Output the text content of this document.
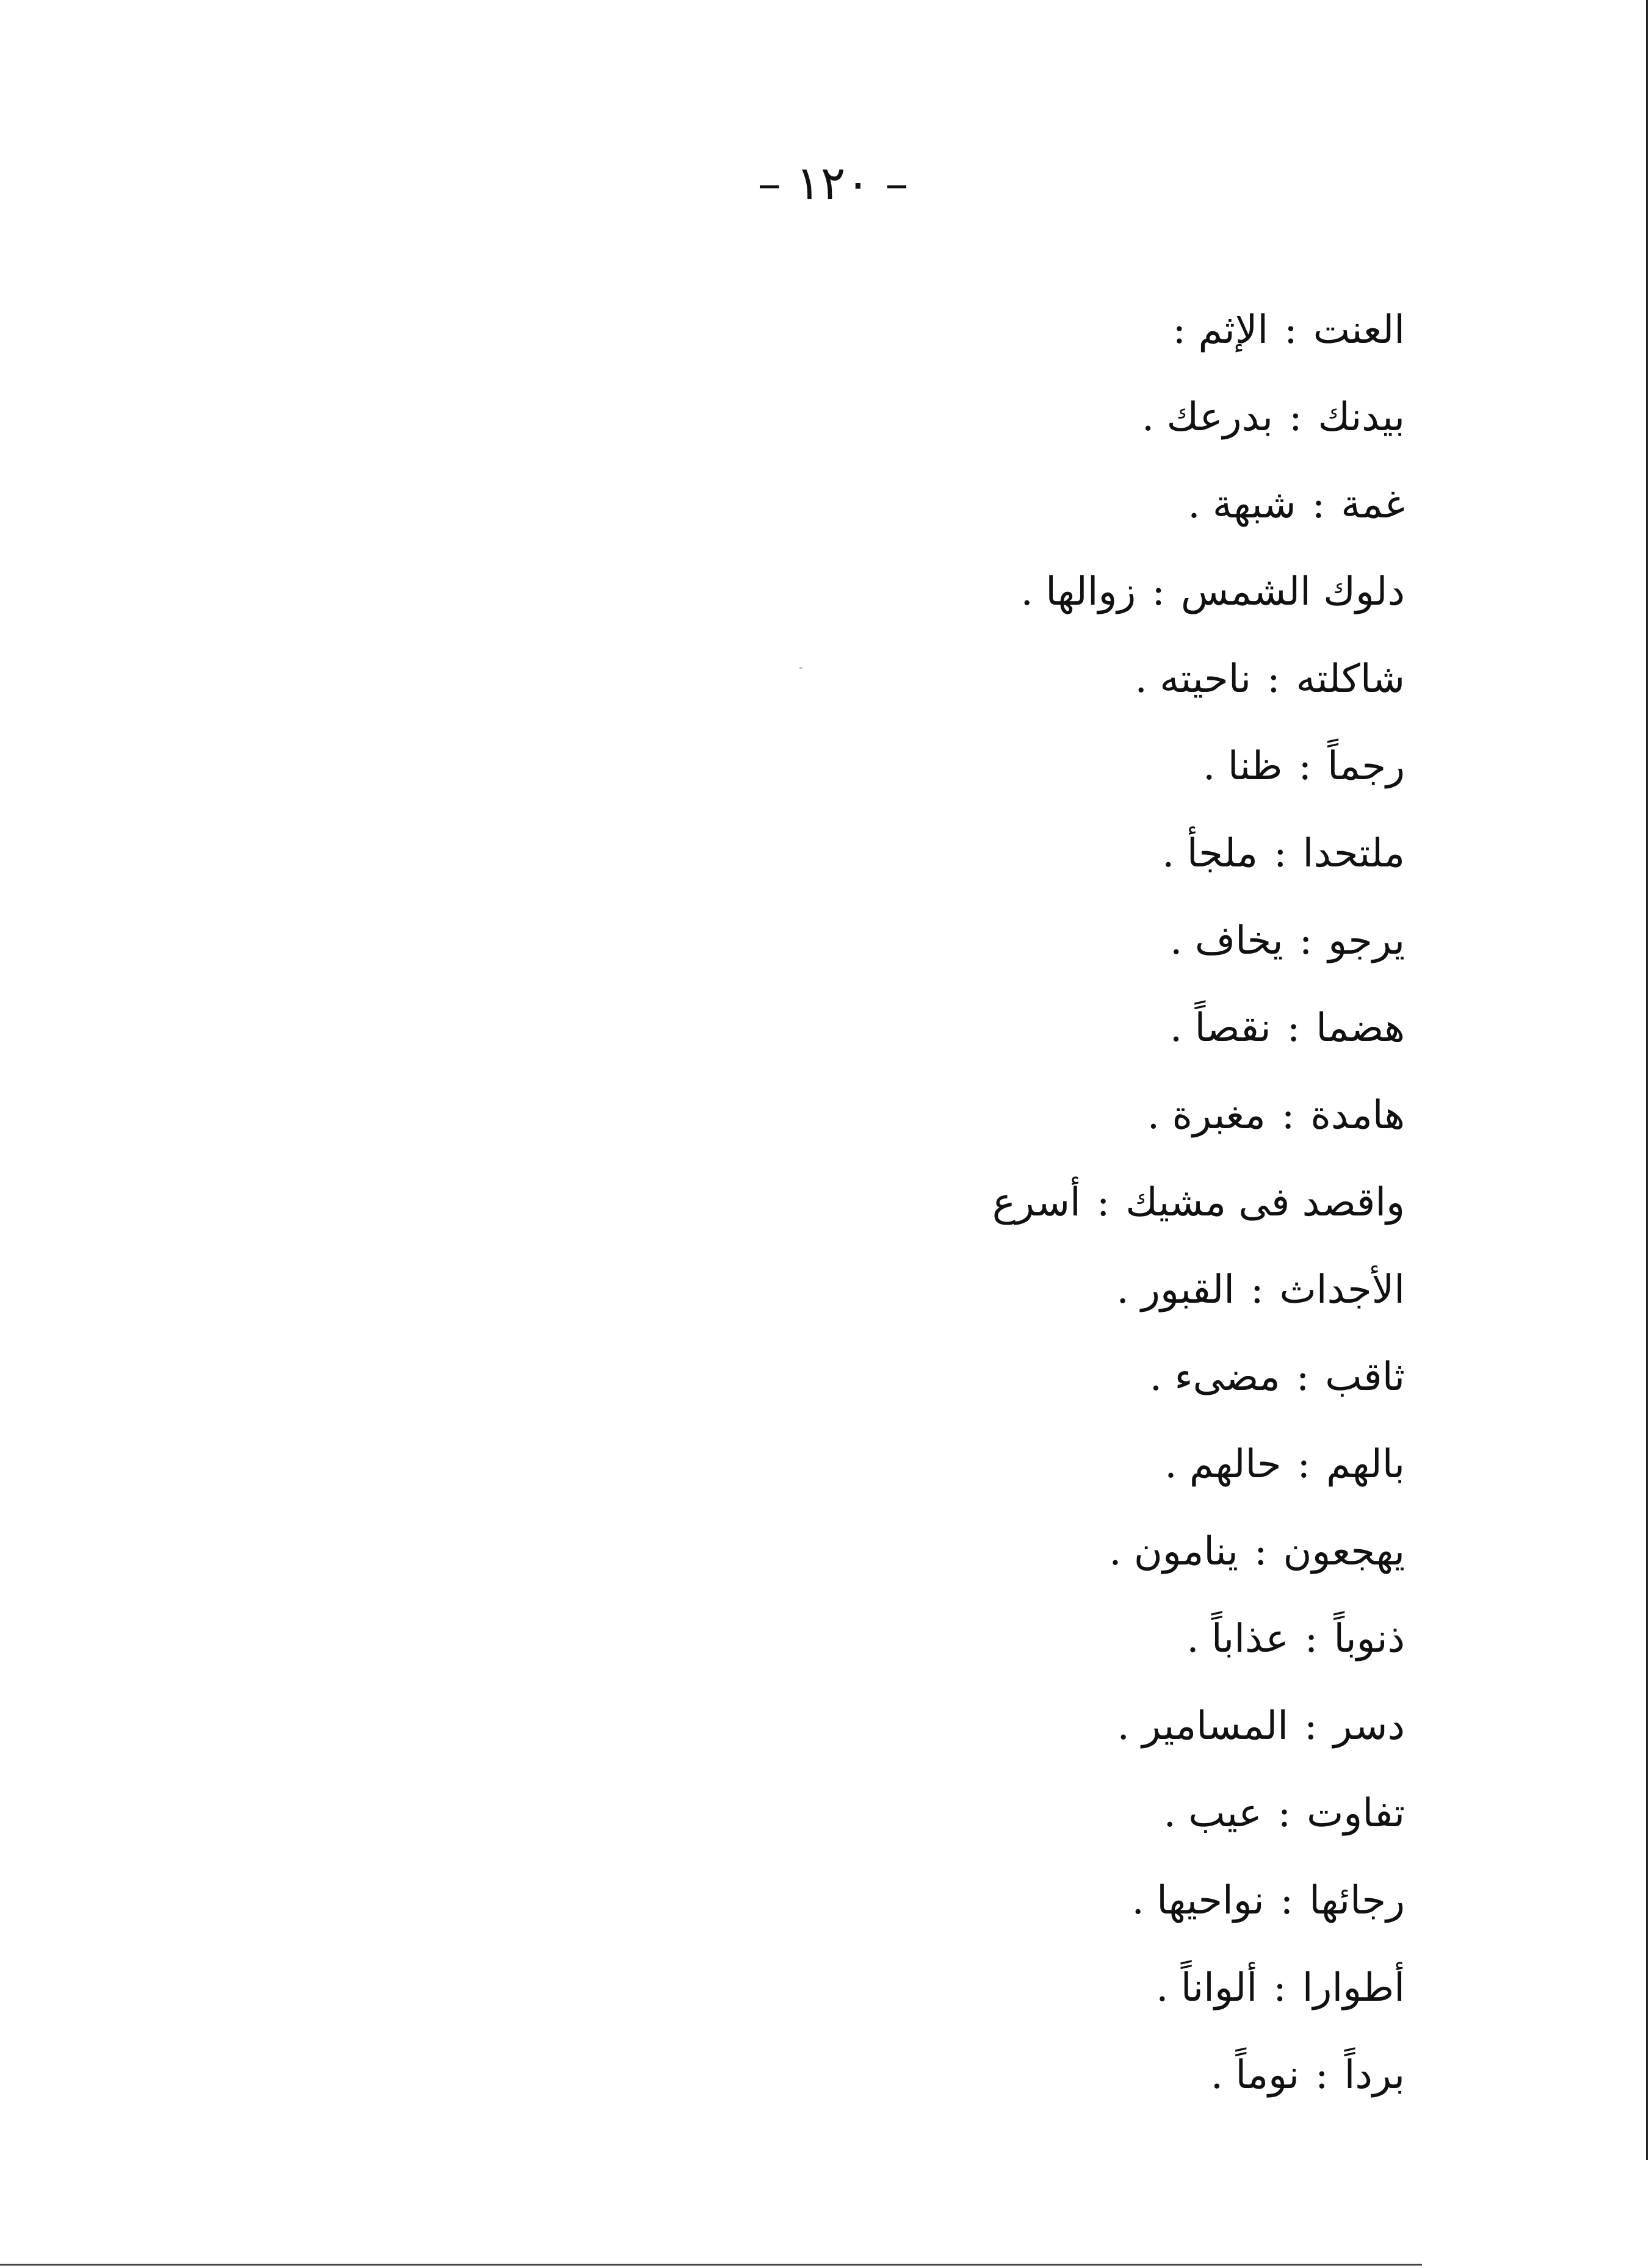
– ١٢٠ –
العنت:الإثم :
بيدنك:بدرعك .
غمة:شبهة .
دلوك الشمس:زوالها .
شاكلته:ناحيته .
رجماً:ظنا .
ملتحدا:ملجأ .
يرجو:يخاف .
هضما:نقصاً .
هامدة:مغبرة .
واقصد فى مشيك:أسرع
الأجداث:القبور .
ثاقب:مضىء .
بالهم:حالهم .
يهجعون:ينامون .
ذنوباً:عذاباً .
دسر:المسامير .
تفاوت:عيب .
رجائها:نواحيها .
أطوارا:ألواناً .
برداً:نوماً .
